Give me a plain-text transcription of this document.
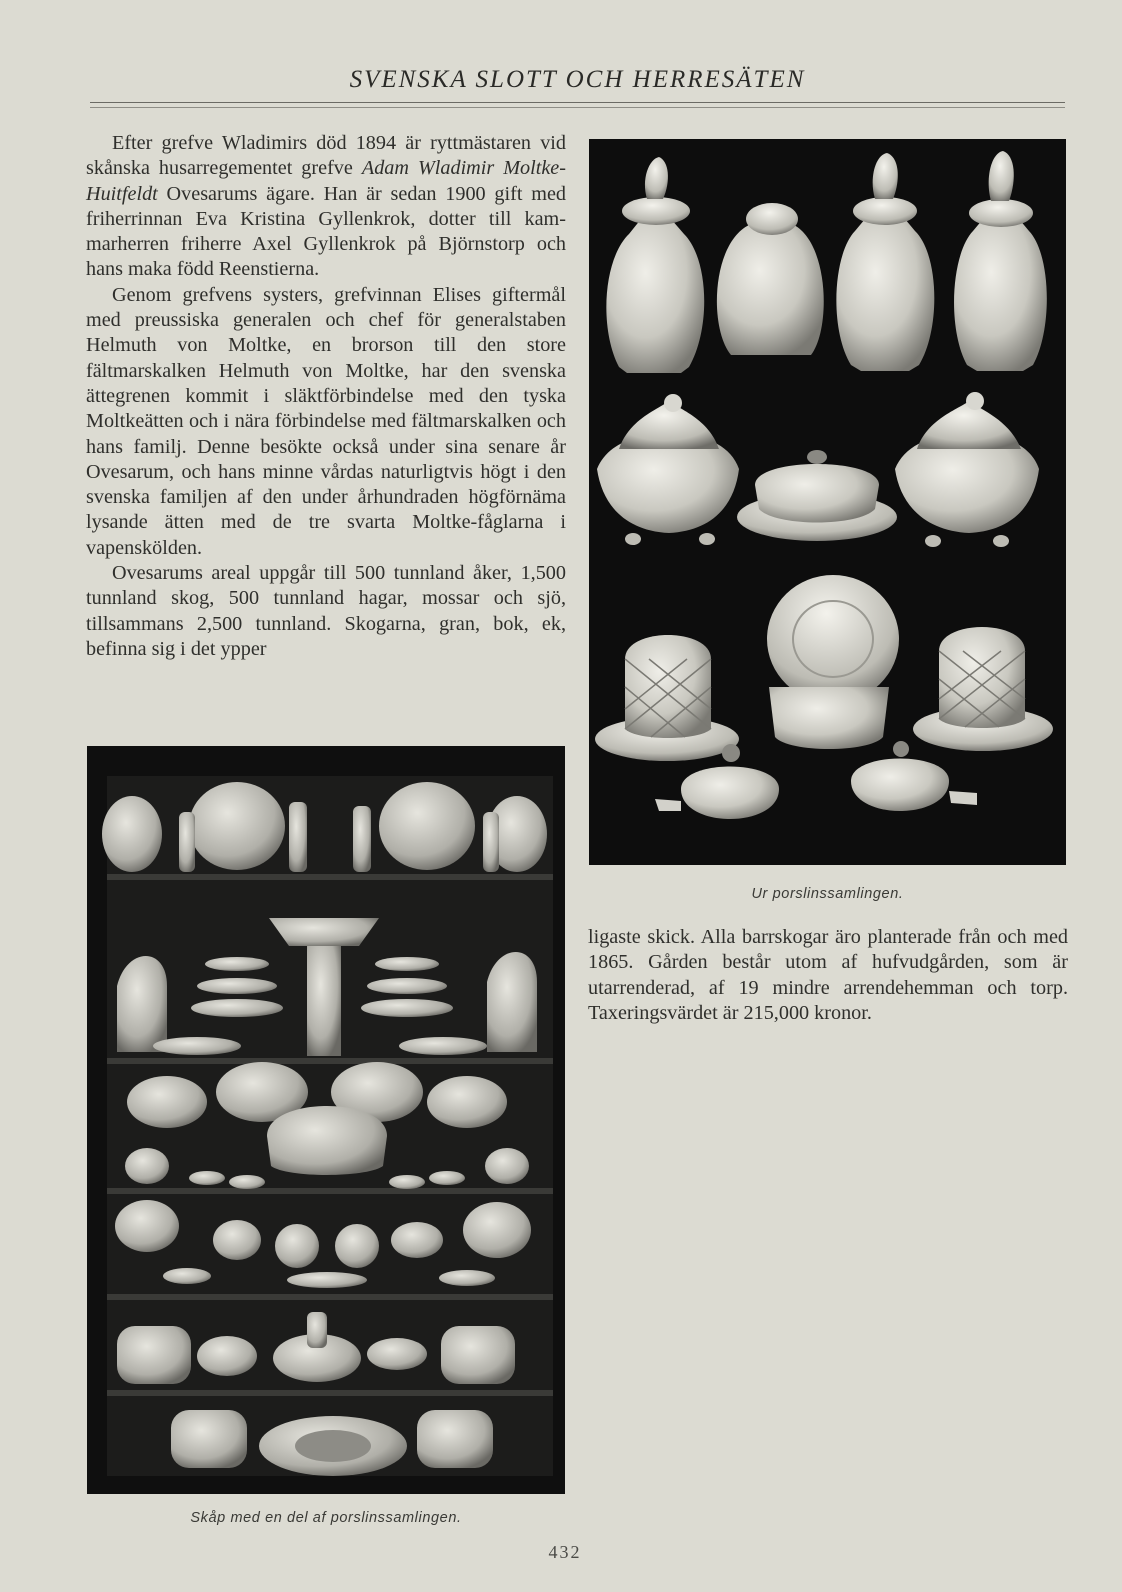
SVENSKA SLOTT OCH HERRESÄTEN

Efter grefve Wladimirs död 1894 är ryttmästaren vid skånska husarregementet grefve Adam Wladimir Moltke-Huitfeldt Ovesarums ägare. Han är sedan 1900 gift med friherrinnan Eva Kristina Gyllenkrok, dotter till kammarherren friherre Axel Gyllenkrok på Björnstorp och hans maka född Reenstierna.

Genom grefvens systers, grefvinnan Elises giftermål med preussiska generalen och chef för generalstaben Helmuth von Moltke, en brorson till den store fältmarskalken Helmuth von Moltke, har den svenska ättegrenen kommit i släktförbindelse med den tyska Moltkeätten och i nära förbindelse med fältmarskalken och hans familj. Denne besökte också under sina senare år Ovesarum, och hans minne vårdas naturligtvis högt i den svenska familjen af den under århundraden högförnäma lysande ätten med de tre svarta Moltke-fåglarna i vapenskölden.

Ovesarums areal uppgår till 500 tunnland åker, 1,500 tunnland skog, 500 tunnland hagar, mossar och sjö, tillsammans 2,500 tunnland. Skogarna, gran, bok, ek, befinna sig i det ypper

ligaste skick. Alla barrskogar äro planterade från och med 1865. Gården består utom af hufvudgården, som är utarrenderad, af 19 mindre arrendehemman och torp. Taxeringsvärdet är 215,000 kronor.

Ur porslinssamlingen.
Skåp med en del af porslinssamlingen.
432
